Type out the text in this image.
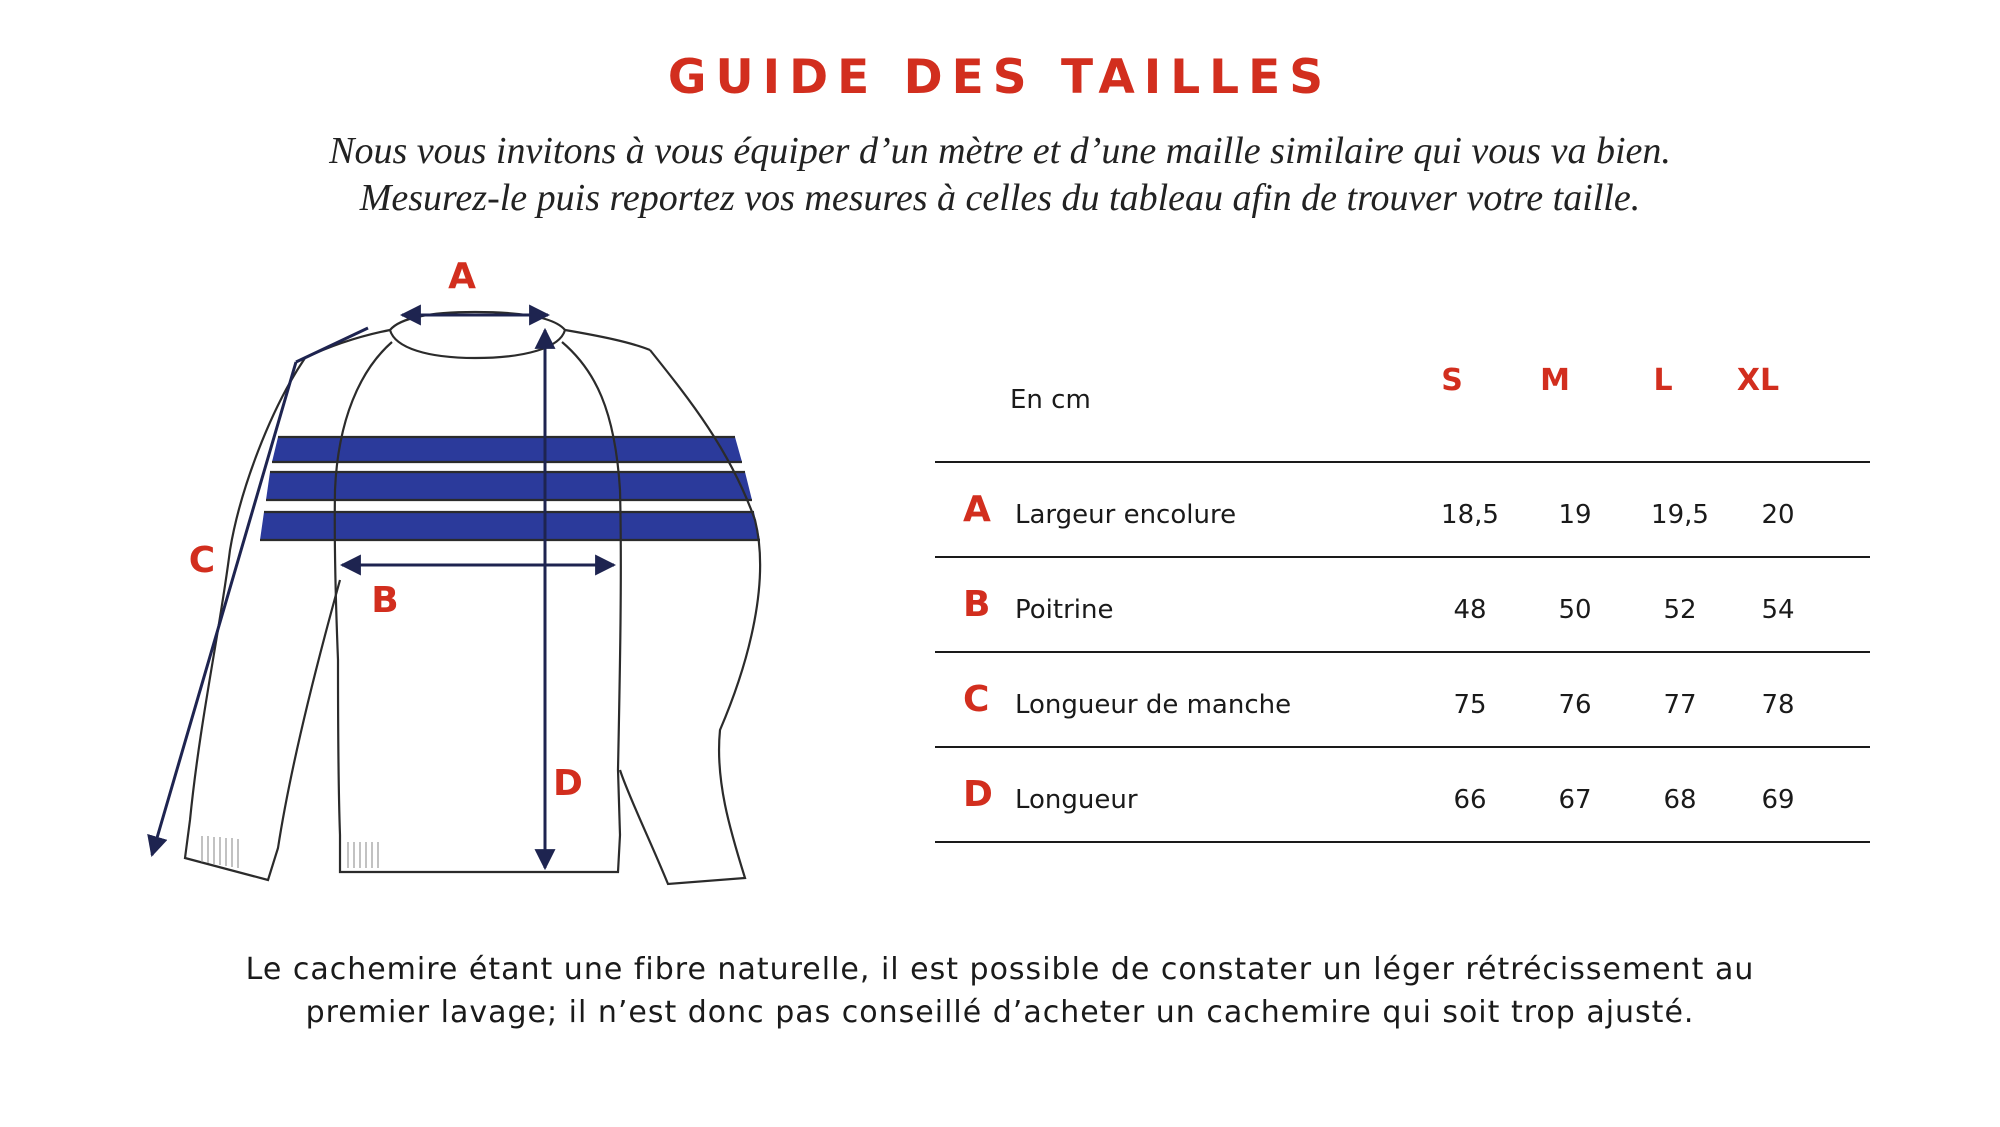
GUIDE DES TAILLES
Nous vous invitons à vous équiper d’un mètre et d’une maille similaire qui vous va bien.
Mesurez-le puis reportez vos mesures à celles du tableau afin de trouver votre taille.
A
B
C
D
En cm
S	M	L	XL
A Largeur encolure	18,5	19	19,5	20
B Poitrine	48	50	52	54
C Longueur de manche	75	76	77	78
D Longueur	66	67	68	69
Le cachemire étant une fibre naturelle, il est possible de constater un léger rétrécissement au
premier lavage; il n’est donc pas conseillé d’acheter un cachemire qui soit trop ajusté.
